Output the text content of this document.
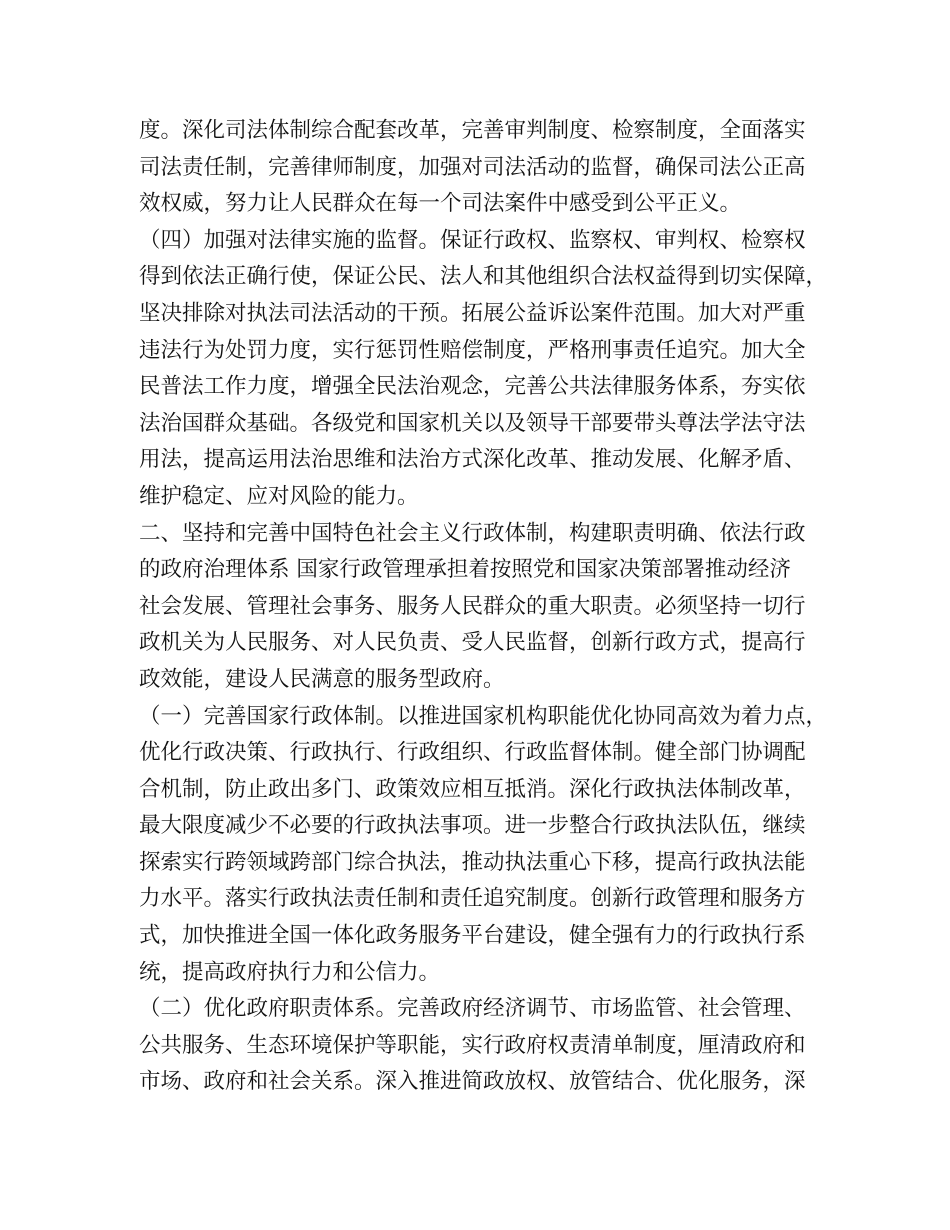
度。深化司法体制综合配套改革，完善审判制度、检察制度，全面落实
司法责任制，完善律师制度，加强对司法活动的监督，确保司法公正高
效权威，努力让人民群众在每一个司法案件中感受到公平正义。
（四）加强对法律实施的监督。保证行政权、监察权、审判权、检察权
得到依法正确行使，保证公民、法人和其他组织合法权益得到切实保障，
坚决排除对执法司法活动的干预。拓展公益诉讼案件范围。加大对严重
违法行为处罚力度，实行惩罚性赔偿制度，严格刑事责任追究。加大全
民普法工作力度，增强全民法治观念，完善公共法律服务体系，夯实依
法治国群众基础。各级党和国家机关以及领导干部要带头尊法学法守法
用法，提高运用法治思维和法治方式深化改革、推动发展、化解矛盾、
维护稳定、应对风险的能力。
二、坚持和完善中国特色社会主义行政体制，构建职责明确、依法行政
的政府治理体系 国家行政管理承担着按照党和国家决策部署推动经济
社会发展、管理社会事务、服务人民群众的重大职责。必须坚持一切行
政机关为人民服务、对人民负责、受人民监督，创新行政方式，提高行
政效能，建设人民满意的服务型政府。
（一）完善国家行政体制。以推进国家机构职能优化协同高效为着力点，
优化行政决策、行政执行、行政组织、行政监督体制。健全部门协调配
合机制，防止政出多门、政策效应相互抵消。深化行政执法体制改革，
最大限度减少不必要的行政执法事项。进一步整合行政执法队伍，继续
探索实行跨领域跨部门综合执法，推动执法重心下移，提高行政执法能
力水平。落实行政执法责任制和责任追究制度。创新行政管理和服务方
式，加快推进全国一体化政务服务平台建设，健全强有力的行政执行系
统，提高政府执行力和公信力。
（二）优化政府职责体系。完善政府经济调节、市场监管、社会管理、
公共服务、生态环境保护等职能，实行政府权责清单制度，厘清政府和
市场、政府和社会关系。深入推进简政放权、放管结合、优化服务，深
